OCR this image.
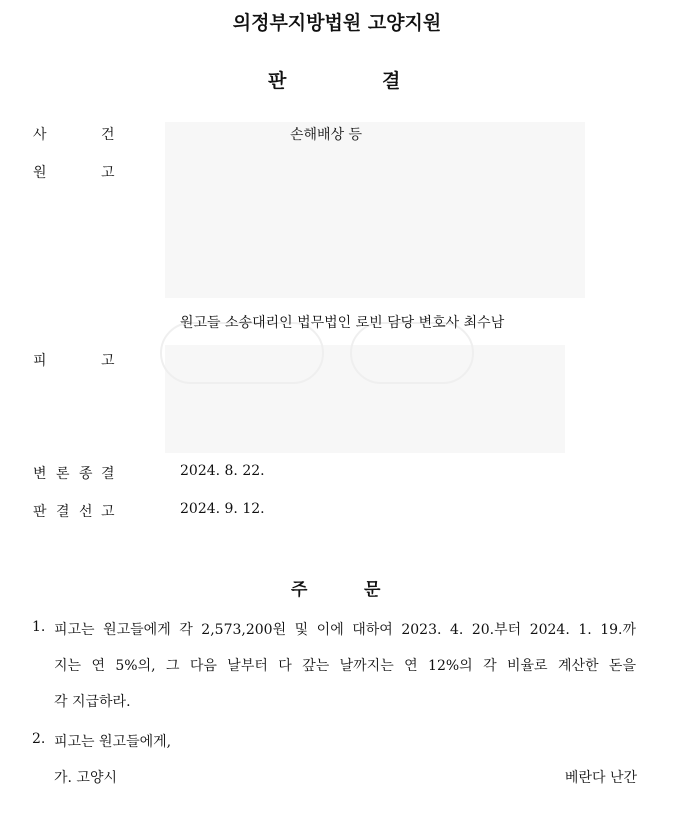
의정부지방법원 고양지원
판	결
사	건	손해배상 등
원	고
원고들 소송대리인 법무법인 로빈 담당 변호사 최수남
피	고
변 론 종 결	2024. 8. 22.
판 결 선 고	2024. 9. 12.
주	문
1. 피고는 원고들에게 각 2,573,200원 및 이에 대하여 2023. 4. 20.부터 2024. 1. 19.까
지는 연 5%의, 그 다음 날부터 다 갚는 날까지는 연 12%의 각 비율로 계산한 돈을
각 지급하라.
2. 피고는 원고들에게,
가. 고양시	베란다 난간
